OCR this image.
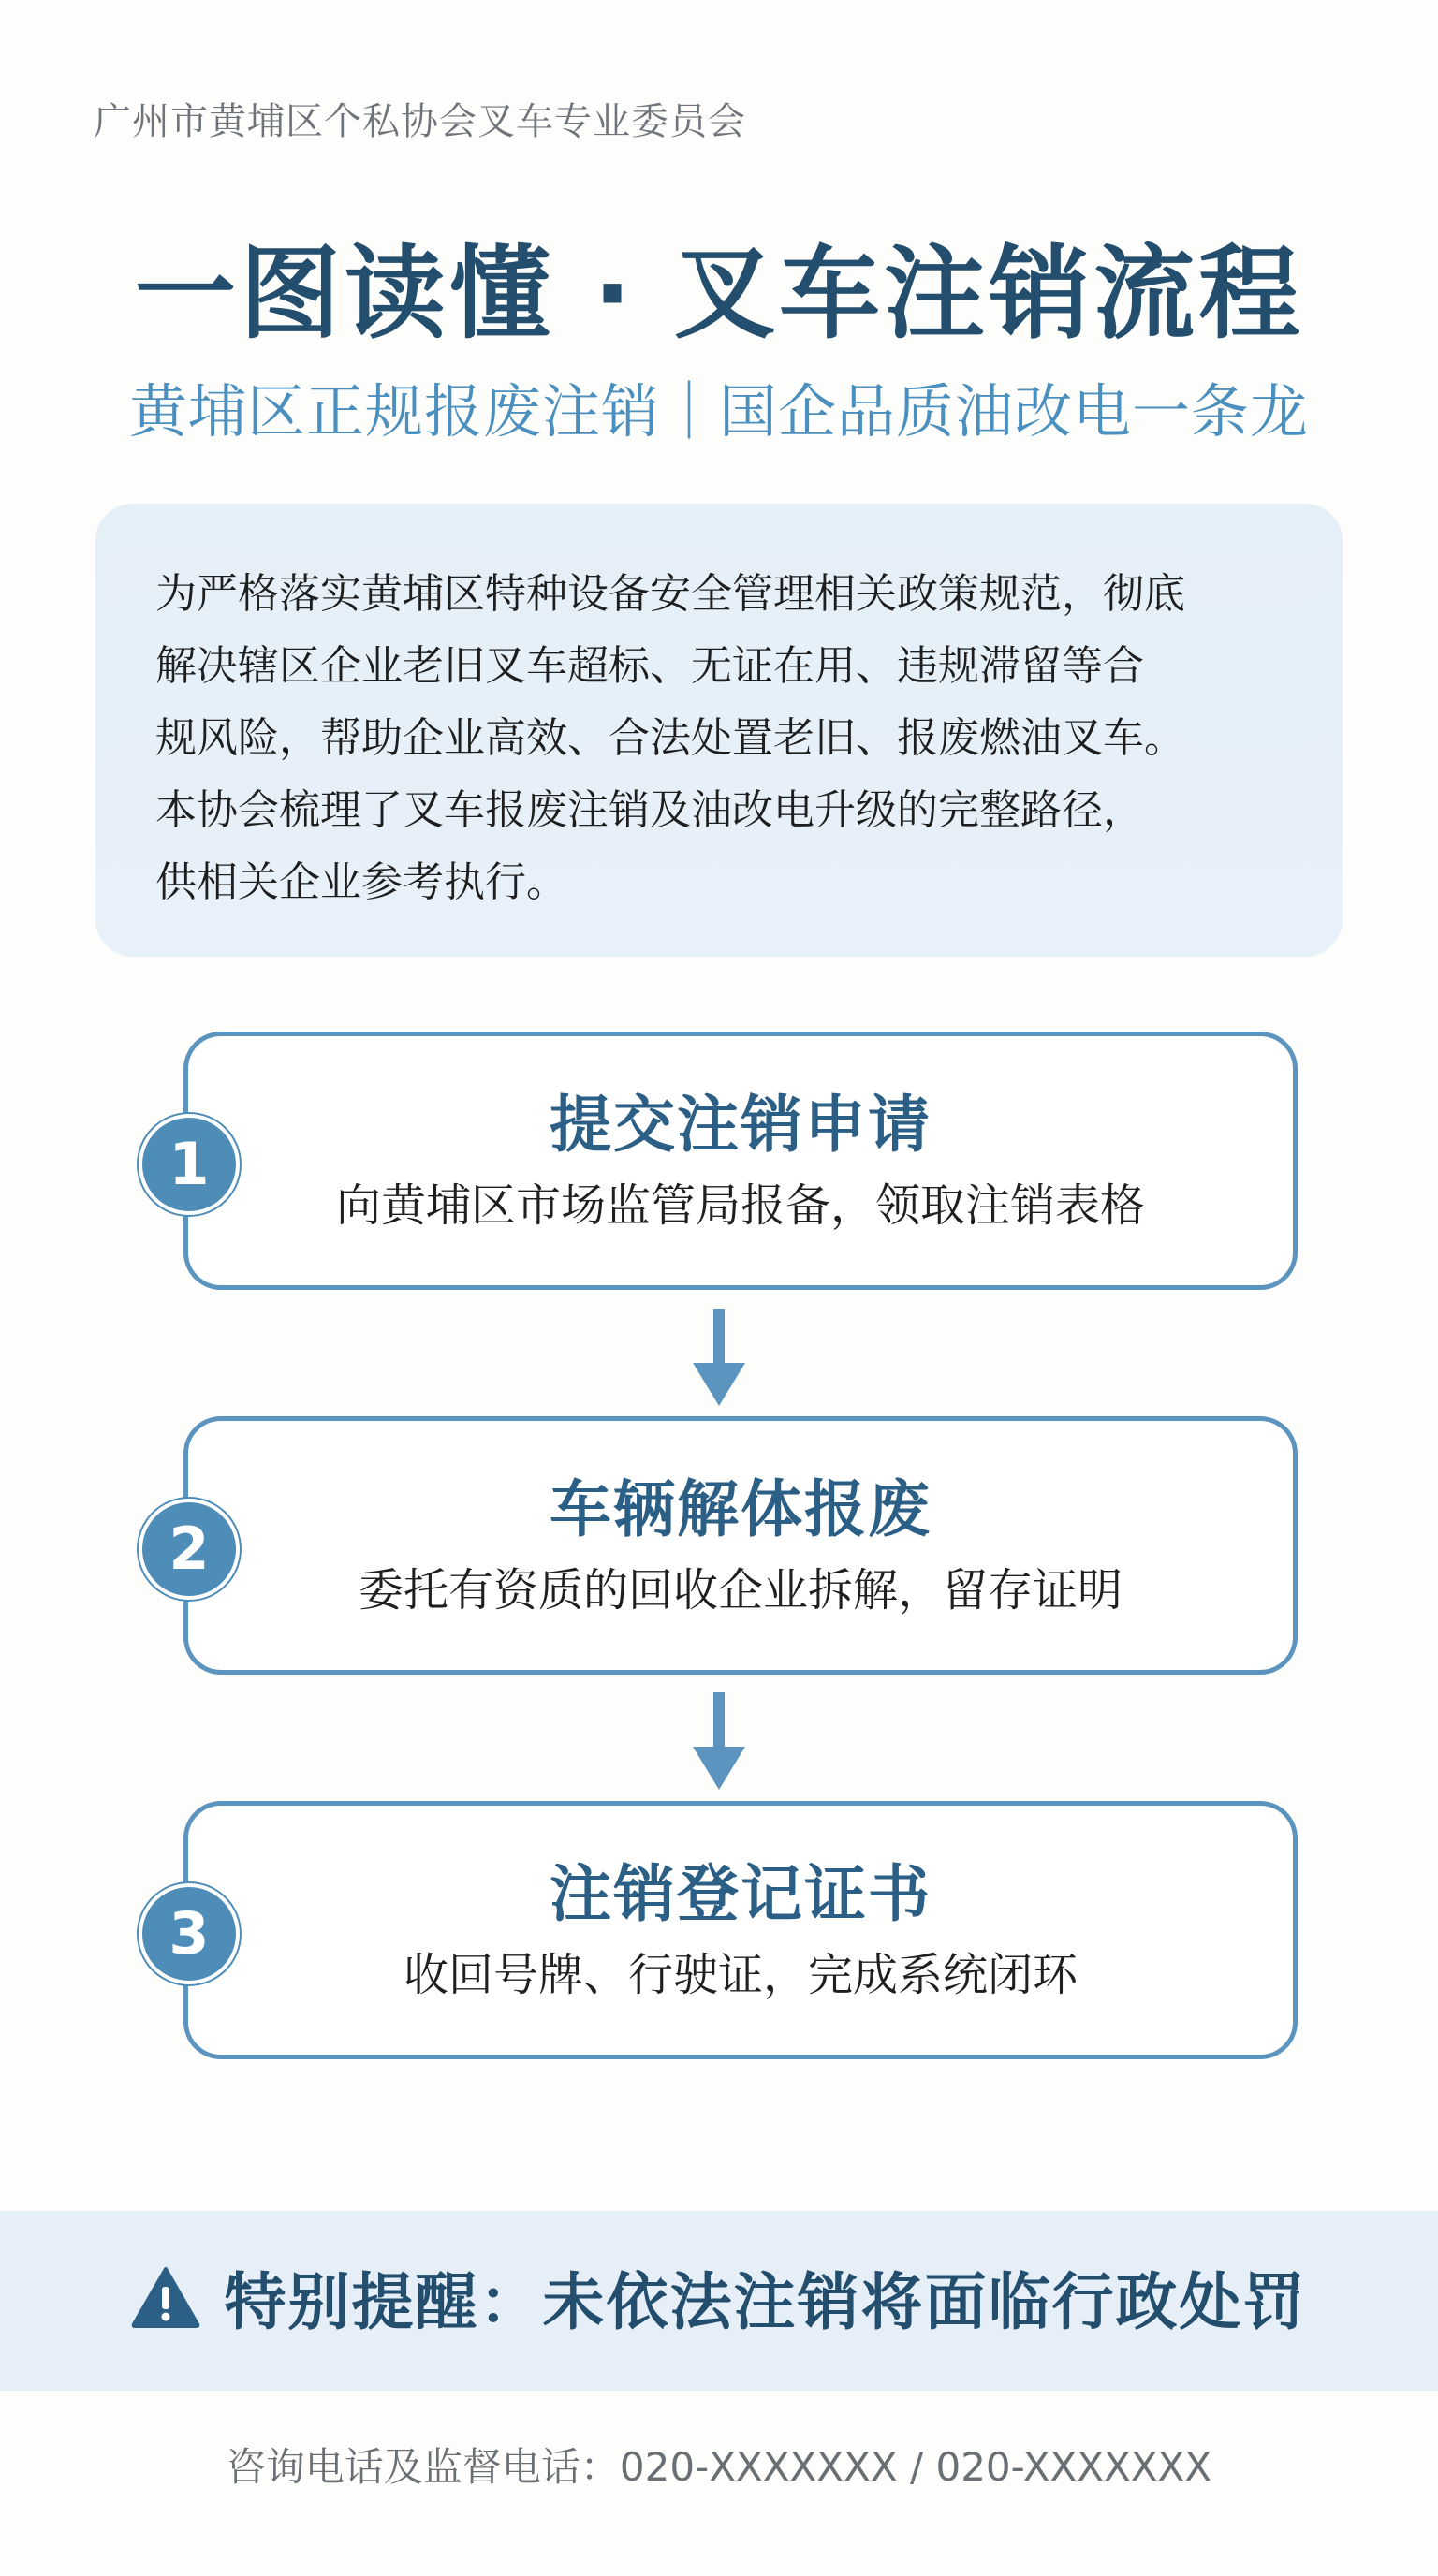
广州市黄埔区个私协会叉车专业委员会
一图读懂 · 叉车注销流程
黄埔区正规报废注销｜国企品质油改电一条龙

为严格落实黄埔区特种设备安全管理相关政策规范，彻底

解决辖区企业老旧叉车超标、无证在用、违规滞留等合

规风险，帮助企业高效、合法处置老旧、报废燃油叉车。

本协会梳理了叉车报废注销及油改电升级的完整路径，

供相关企业参考执行。

提交注销申请
向黄埔区市场监管局报备，领取注销表格
1
车辆解体报废
委托有资质的回收企业拆解，留存证明
2
注销登记证书
收回号牌、行驶证，完成系统闭环
3
特别提醒：未依法注销将面临行政处罚
咨询电话及监督电话：020-XXXXXXX / 020-XXXXXXX
